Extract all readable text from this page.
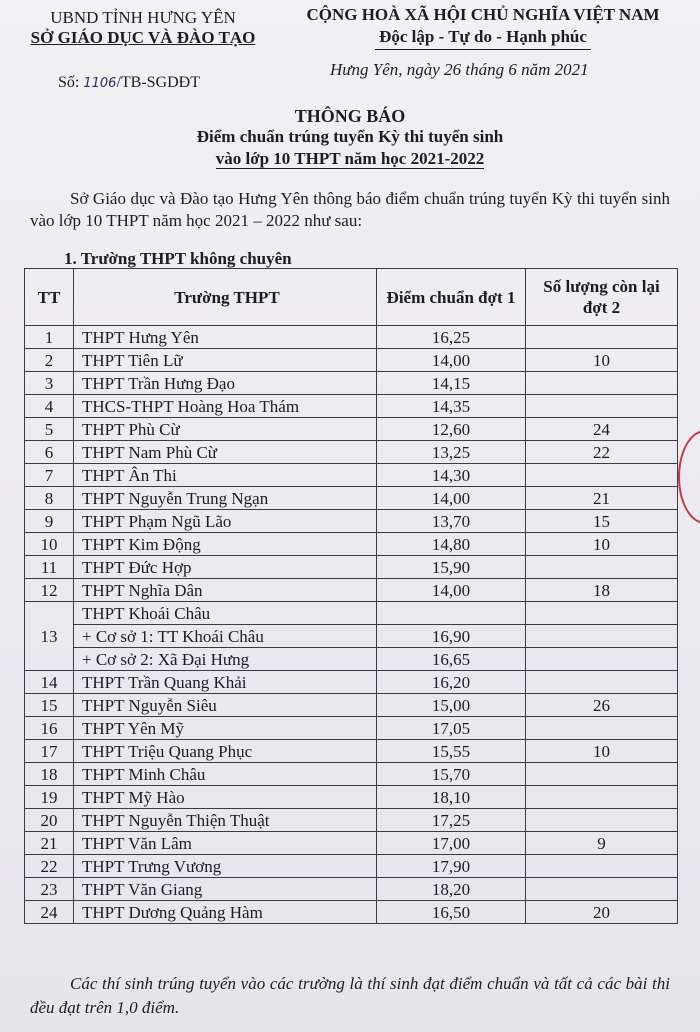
UBND TỈNH HƯNG YÊN
SỞ GIÁO DỤC VÀ ĐÀO TẠO
CỘNG HOÀ XÃ HỘI CHỦ NGHĨA VIỆT NAM
Độc lập - Tự do - Hạnh phúc
Số: 1106/TB-SGDĐT
Hưng Yên, ngày 26 tháng 6 năm 2021
THÔNG BÁO
Điểm chuẩn trúng tuyển Kỳ thi tuyển sinh
vào lớp 10 THPT năm học 2021-2022
Sở Giáo dục và Đào tạo Hưng Yên thông báo điểm chuẩn trúng tuyển Kỳ thi tuyển sinh vào lớp 10 THPT năm học 2021 – 2022 như sau:
1. Trường THPT không chuyên
TT	Trường THPT	Điểm chuẩn đợt 1	Số lượng còn lại đợt 2
1	THPT Hưng Yên	16,25	
2	THPT Tiên Lữ	14,00	10
3	THPT Trần Hưng Đạo	14,15	
4	THCS-THPT Hoàng Hoa Thám	14,35	
5	THPT Phù Cừ	12,60	24
6	THPT Nam Phù Cừ	13,25	22
7	THPT Ân Thi	14,30	
8	THPT Nguyễn Trung Ngạn	14,00	21
9	THPT Phạm Ngũ Lão	13,70	15
10	THPT Kim Động	14,80	10
11	THPT Đức Hợp	15,90	
12	THPT Nghĩa Dân	14,00	18
13	THPT Khoái Châu		
	+ Cơ sở 1: TT Khoái Châu	16,90	
	+ Cơ sở 2: Xã Đại Hưng	16,65	
14	THPT Trần Quang Khải	16,20	
15	THPT Nguyễn Siêu	15,00	26
16	THPT Yên Mỹ	17,05	
17	THPT Triệu Quang Phục	15,55	10
18	THPT Minh Châu	15,70	
19	THPT Mỹ Hào	18,10	
20	THPT Nguyễn Thiện Thuật	17,25	
21	THPT Văn Lâm	17,00	9
22	THPT Trưng Vương	17,90	
23	THPT Văn Giang	18,20	
24	THPT Dương Quảng Hàm	16,50	20
Các thí sinh trúng tuyển vào các trường là thí sinh đạt điểm chuẩn và tất cả các bài thi đều đạt trên 1,0 điểm.
